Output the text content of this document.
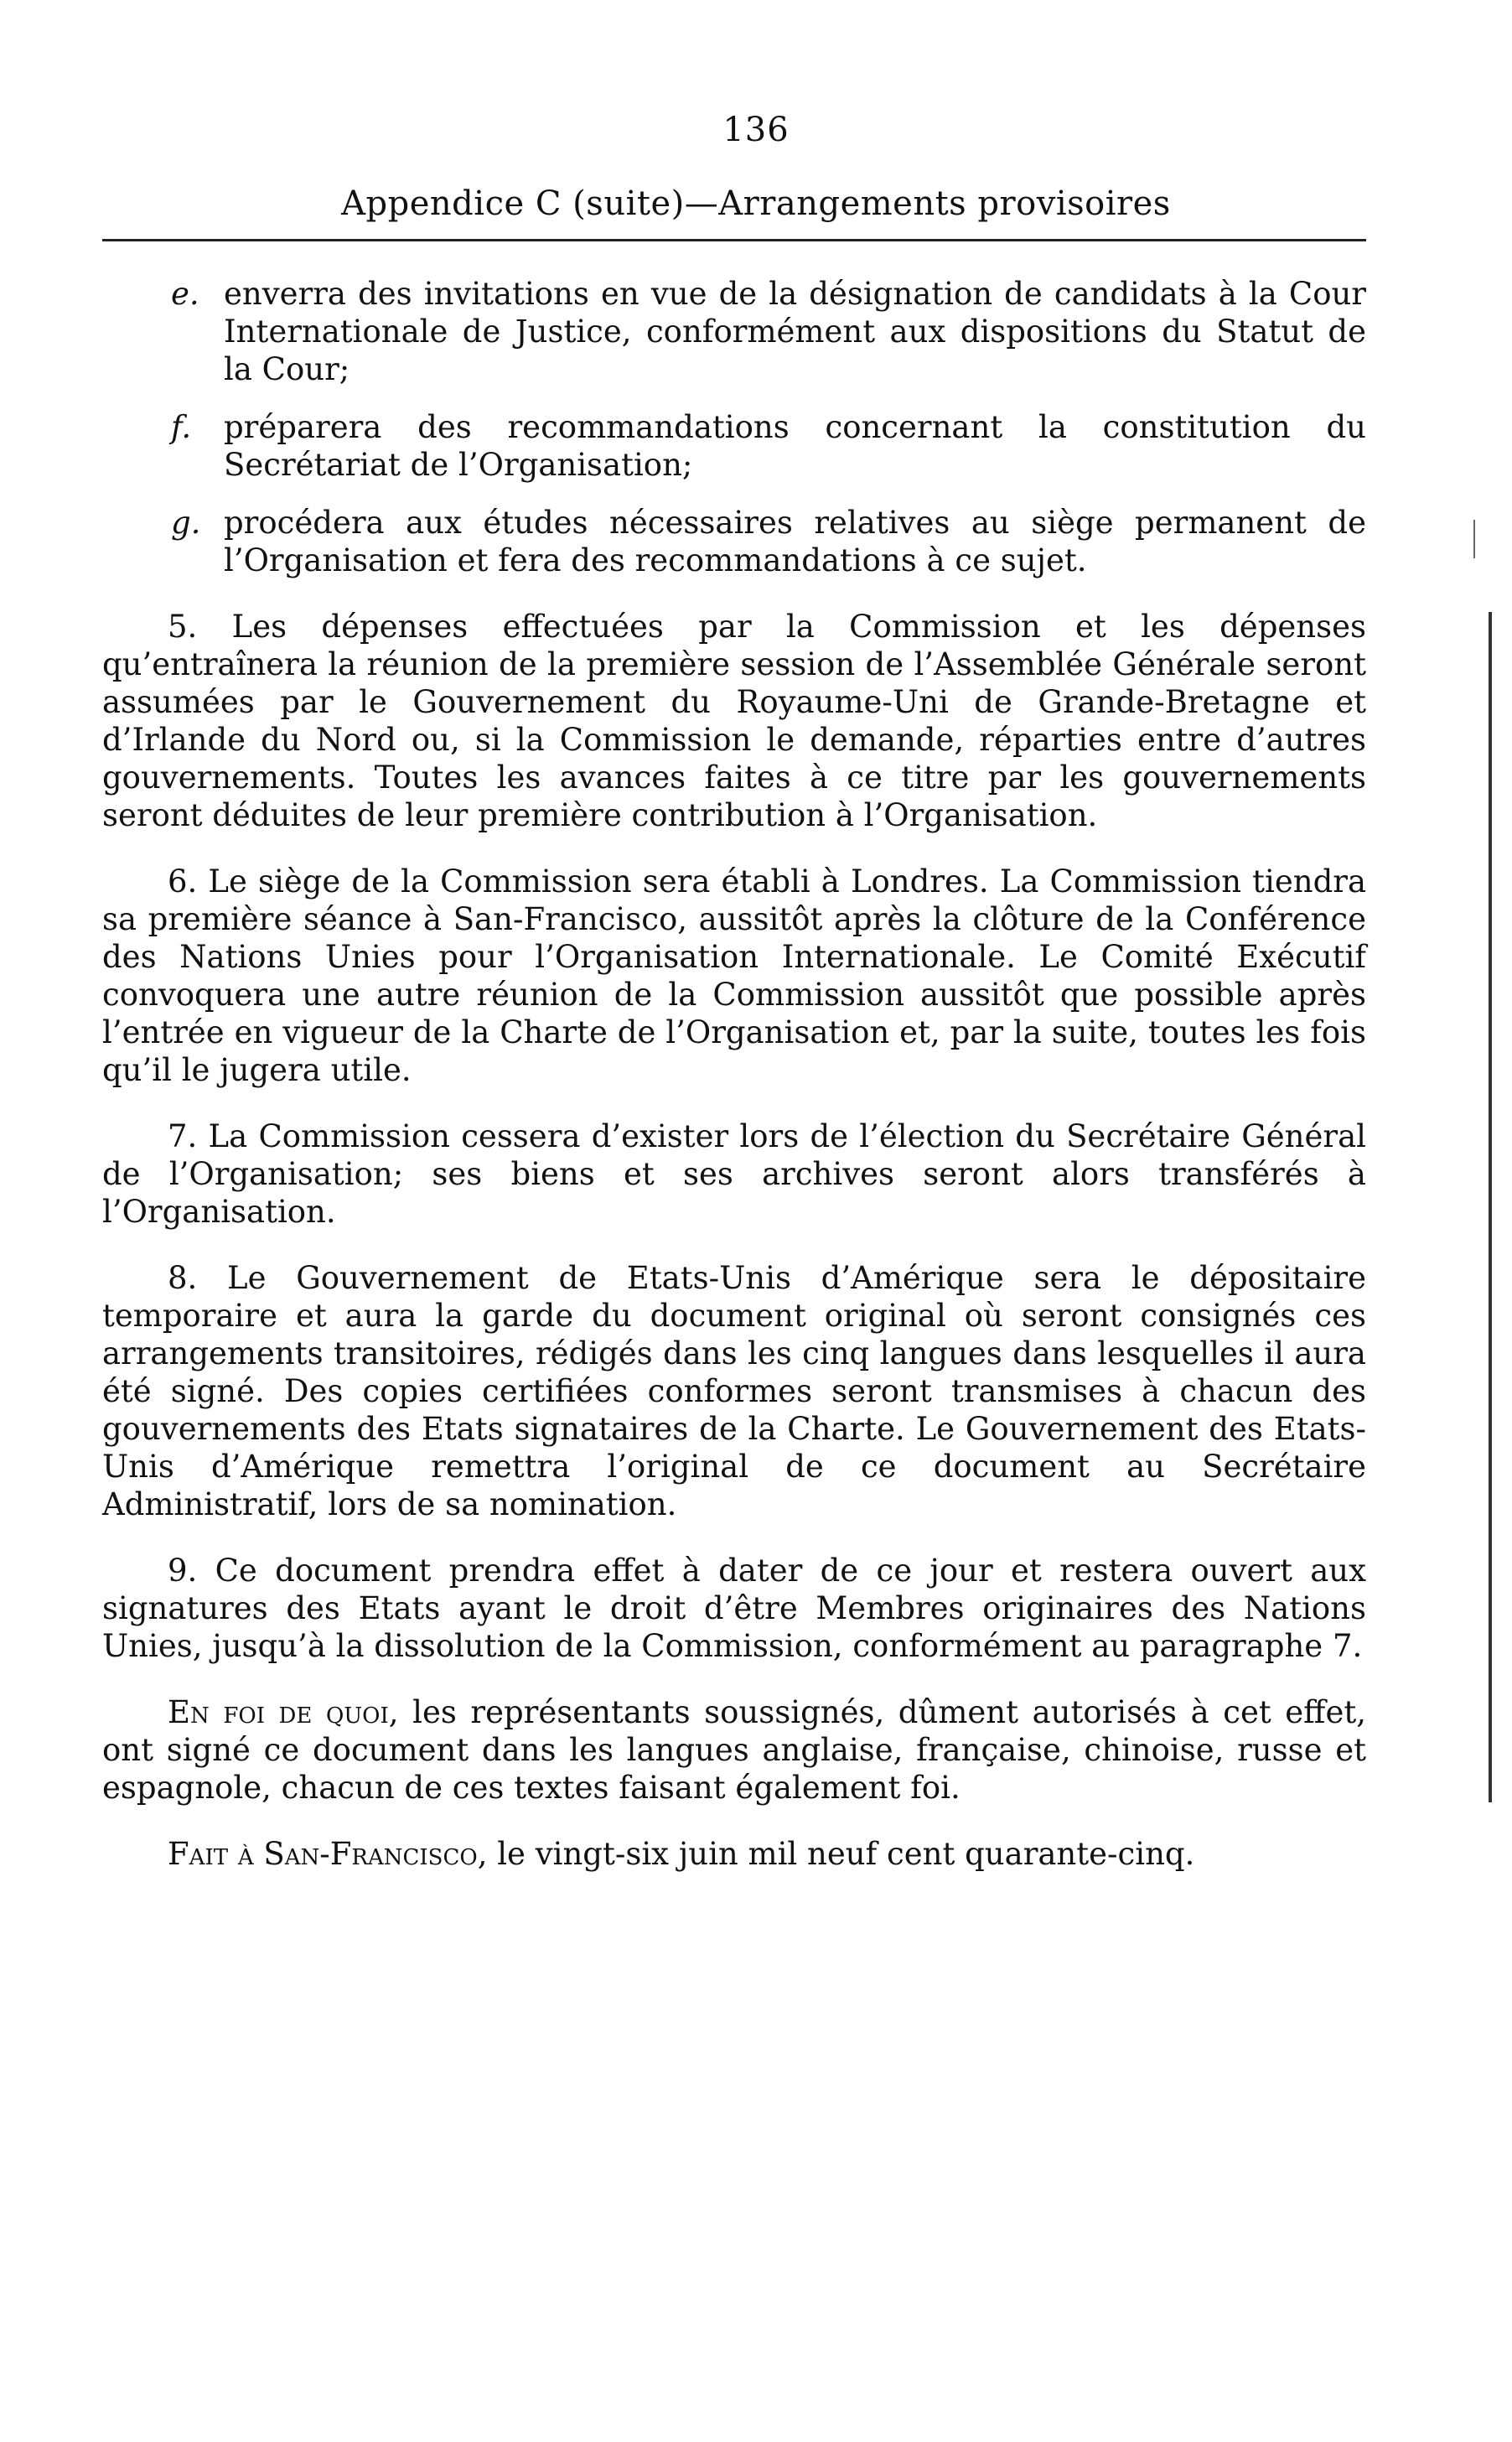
136
Appendice C (suite)—Arrangements provisoires
e. enverra des invitations en vue de la désignation de candidats à la Cour Internationale de Justice, conformément aux dispositions du Statut de la Cour;
f. préparera des recommandations concernant la constitution du Secrétariat de l’Organisation;
g. procédera aux études nécessaires relatives au siège permanent de l’Organisation et fera des recommandations à ce sujet.

5. Les dépenses effectuées par la Commission et les dépenses qu’entraînera la réunion de la première session de l’Assemblée Générale seront assumées par le Gouvernement du Royaume-Uni de Grande-Bretagne et d’Irlande du Nord ou, si la Commission le demande, réparties entre d’autres gouvernements. Toutes les avances faites à ce titre par les gouvernements seront déduites de leur première contribution à l’Organisation.

6. Le siège de la Commission sera établi à Londres. La Commission tiendra sa première séance à San-Francisco, aussitôt après la clôture de la Conférence des Nations Unies pour l’Organisation Internationale. Le Comité Exécutif convoquera une autre réunion de la Commission aussitôt que possible après l’entrée en vigueur de la Charte de l’Organisation et, par la suite, toutes les fois qu’il le jugera utile.

7. La Commission cessera d’exister lors de l’élection du Secrétaire Général de l’Organisation; ses biens et ses archives seront alors transférés à l’Organisation.

8. Le Gouvernement de Etats-Unis d’Amérique sera le dépositaire temporaire et aura la garde du document original où seront consignés ces arrangements transitoires, rédigés dans les cinq langues dans lesquelles il aura été signé. Des copies certifiées conformes seront transmises à chacun des gouvernements des Etats signataires de la Charte. Le Gouvernement des Etats-Unis d’Amérique remettra l’original de ce document au Secrétaire Administratif, lors de sa nomination.

9. Ce document prendra effet à dater de ce jour et restera ouvert aux signatures des Etats ayant le droit d’être Membres originaires des Nations Unies, jusqu’à la dissolution de la Commission, conformément au paragraphe 7.

En foi de quoi, les représentants soussignés, dûment autorisés à cet effet, ont signé ce document dans les langues anglaise, française, chinoise, russe et espagnole, chacun de ces textes faisant également foi.

Fait à San-Francisco, le vingt-six juin mil neuf cent quarante-cinq.
